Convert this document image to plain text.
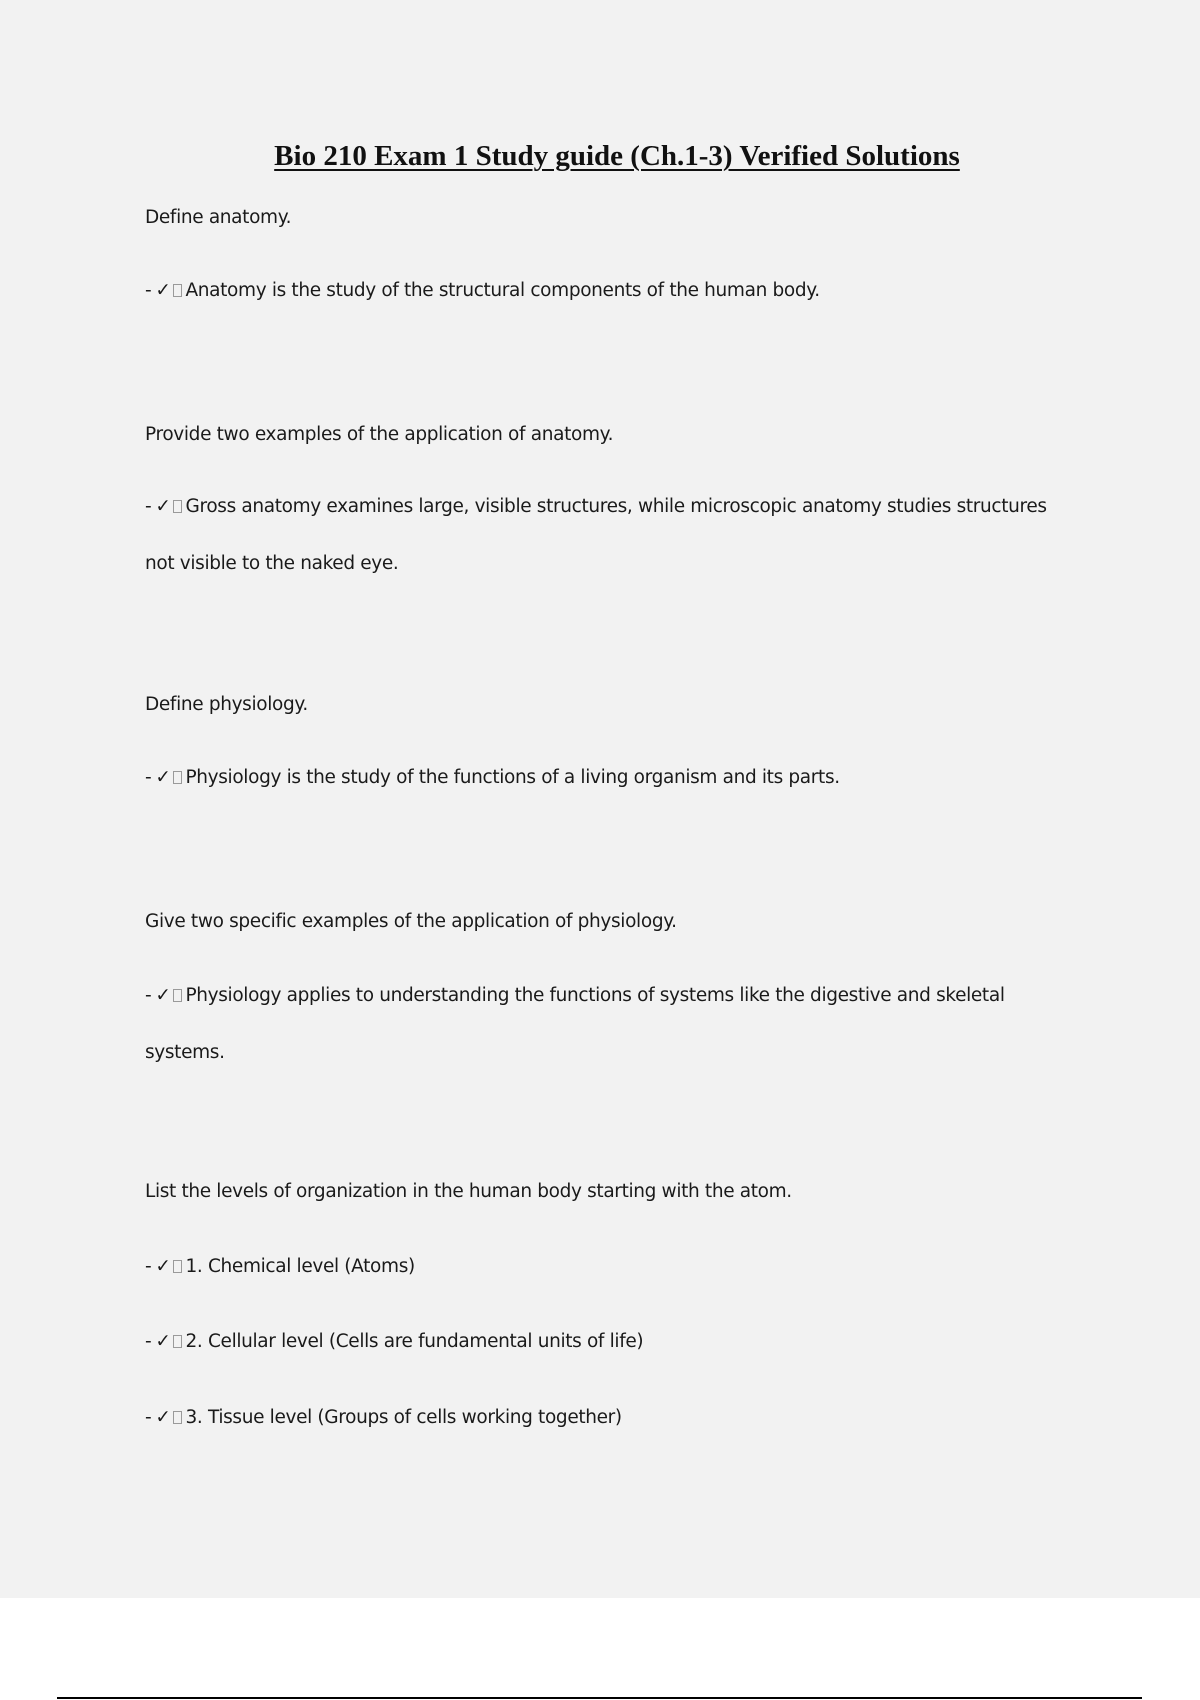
Bio 210 Exam 1 Study guide (Ch.1-3) Verified Solutions
Define anatomy.
- ✓ Anatomy is the study of the structural components of the human body.
Provide two examples of the application of anatomy.
- ✓ Gross anatomy examines large, visible structures, while microscopic anatomy studies structures
not visible to the naked eye.
Define physiology.
- ✓ Physiology is the study of the functions of a living organism and its parts.
Give two specific examples of the application of physiology.
- ✓ Physiology applies to understanding the functions of systems like the digestive and skeletal
systems.
List the levels of organization in the human body starting with the atom.
- ✓ 1. Chemical level (Atoms)
- ✓ 2. Cellular level (Cells are fundamental units of life)
- ✓ 3. Tissue level (Groups of cells working together)
